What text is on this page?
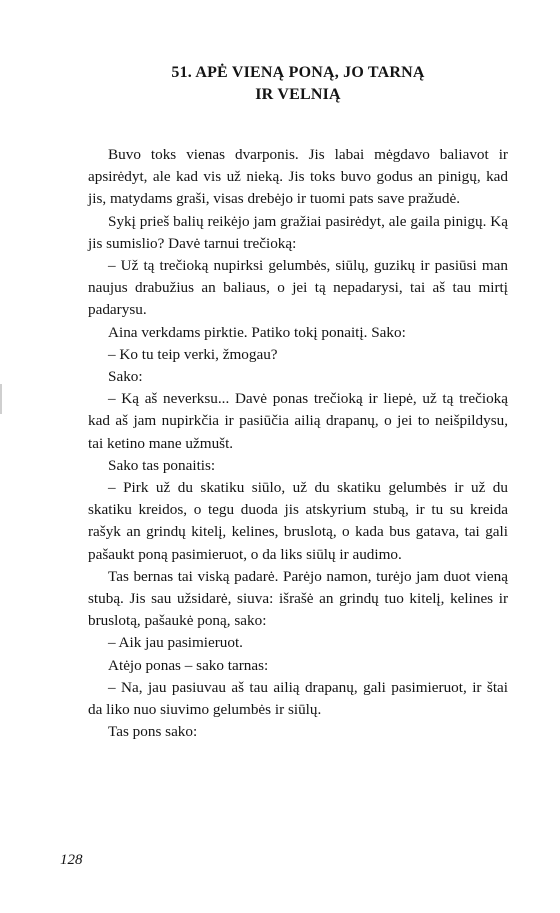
51. APĖ VIENĄ PONĄ, JO TARNĄ
IR VELNIĄ

Buvo toks vienas dvarponis. Jis labai mėgdavo baliavot ir apsirėdyt, ale kad vis už nieką. Jis toks buvo godus an pinigų, kad jis, matydams graši, visas drebėjo ir tuomi pats save pražudė.

Sykį prieš balių reikėjo jam gražiai pasirėdyt, ale gaila pinigų. Ką jis sumislio? Davė tarnui trečioką:

– Už tą trečioką nupirksi gelumbės, siūlų, guzikų ir pasiūsi man naujus drabužius an baliaus, o jei tą nepadarysi, tai aš tau mirtį padarysu.

Aina verkdams pirktie. Patiko tokį ponaitį. Sako:

– Ko tu teip verki, žmogau?

Sako:

– Ką aš neverksu... Davė ponas trečioką ir liepė, už tą trečioką kad aš jam nupirkčia ir pasiūčia ailią drapanų, o jei to neišpildysu, tai ketino mane užmušt.

Sako tas ponaitis:

– Pirk už du skatiku siūlo, už du skatiku gelumbės ir už du skatiku kreidos, o tegu duoda jis atskyrium stubą, ir tu su kreida rašyk an grindų kitelį, kelines, bruslotą, o kada bus gatava, tai gali pašaukt poną pasimieruot, o da liks siūlų ir audimo.

Tas bernas tai viską padarė. Parėjo namon, turėjo jam duot vieną stubą. Jis sau užsidarė, siuva: išrašė an grindų tuo kitelį, kelines ir bruslotą, pašaukė poną, sako:

– Aik jau pasimieruot.

Atėjo ponas – sako tarnas:

– Na, jau pasiuvau aš tau ailią drapanų, gali pasimieruot, ir štai da liko nuo siuvimo gelumbės ir siūlų.

Tas pons sako:

128
